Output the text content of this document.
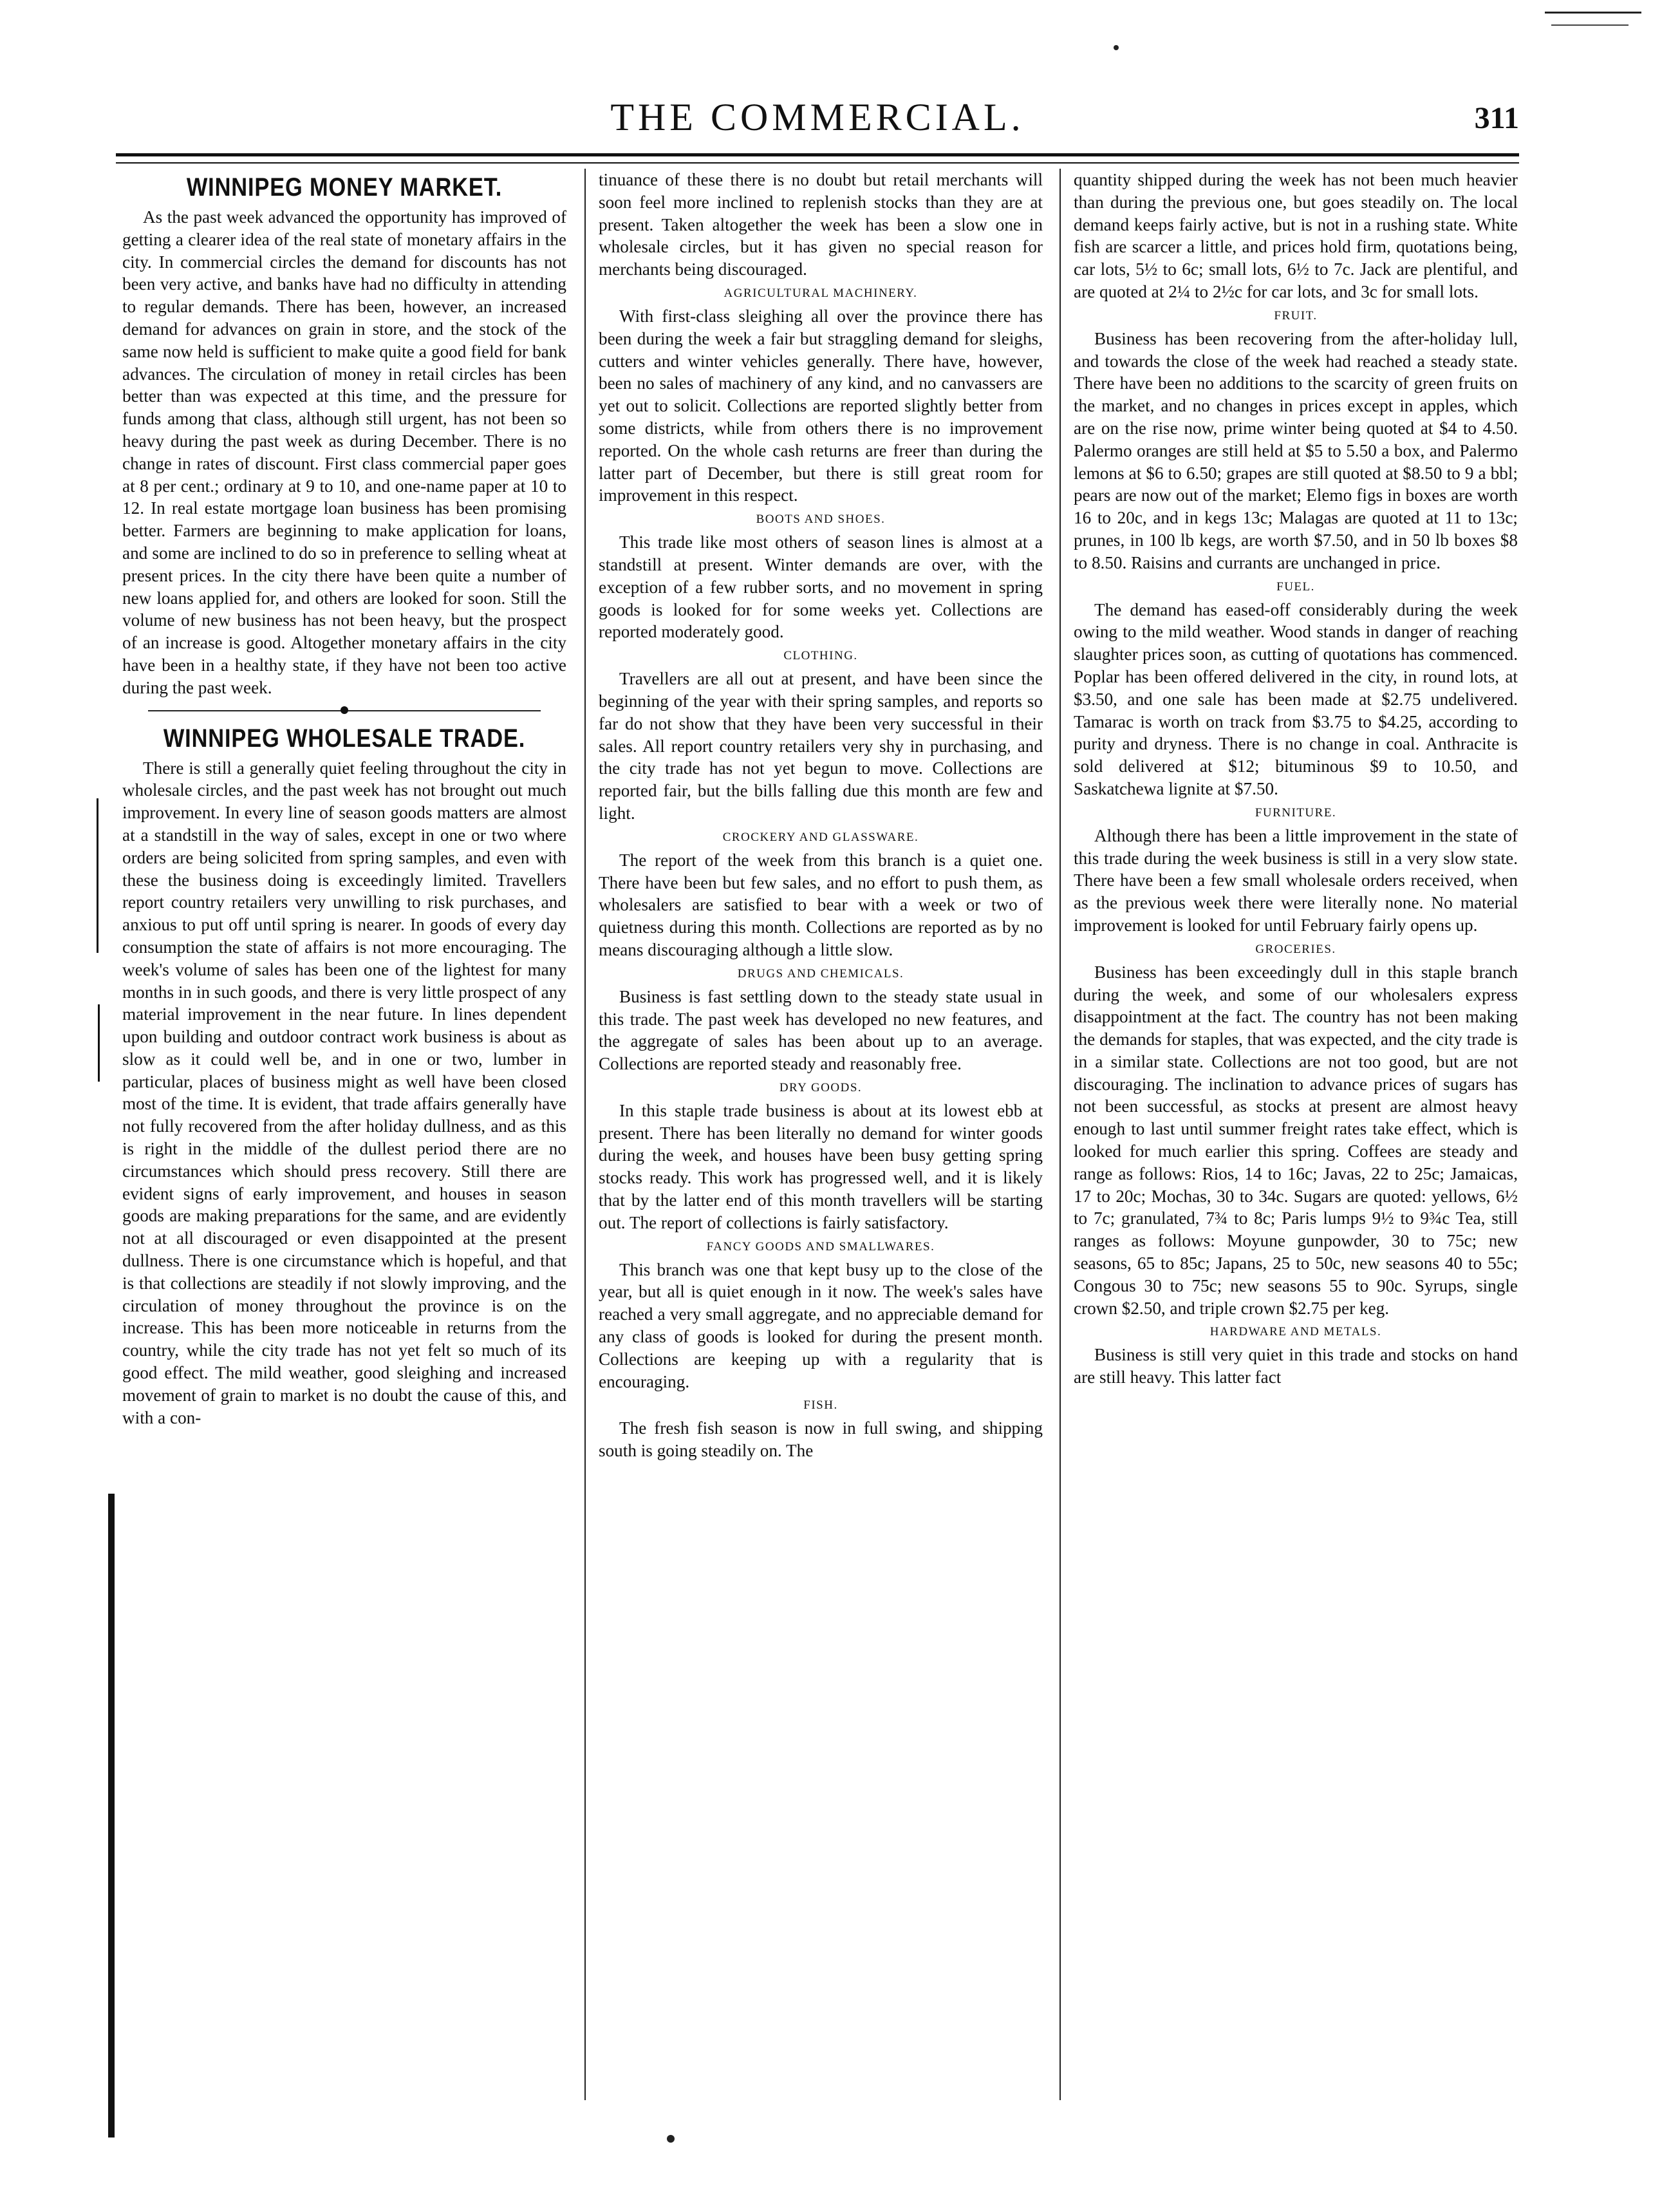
THE COMMERCIAL.	311
WINNIPEG MONEY MARKET.

As the past week advanced the opportunity has improved of getting a clearer idea of the real state of monetary affairs in the city. In commercial circles the demand for discounts has not been very active, and banks have had no difficulty in attending to regular demands. There has been, however, an increased demand for advances on grain in store, and the stock of the same now held is sufficient to make quite a good field for bank advances. The circulation of money in retail circles has been better than was expected at this time, and the pressure for funds among that class, although still urgent, has not been so heavy during the past week as during December. There is no change in rates of discount. First class commercial paper goes at 8 per cent.; ordinary at 9 to 10, and one-name paper at 10 to 12. In real estate mortgage loan business has been promising better. Farmers are beginning to make application for loans, and some are inclined to do so in preference to selling wheat at present prices. In the city there have been quite a number of new loans applied for, and others are looked for soon. Still the volume of new business has not been heavy, but the prospect of an increase is good. Altogether monetary affairs in the city have been in a healthy state, if they have not been too active during the past week.

WINNIPEG WHOLESALE TRADE.

There is still a generally quiet feeling throughout the city in wholesale circles, and the past week has not brought out much improvement. In every line of season goods matters are almost at a standstill in the way of sales, except in one or two where orders are being solicited from spring samples, and even with these the business doing is exceedingly limited. Travellers report country retailers very unwilling to risk purchases, and anxious to put off until spring is nearer. In goods of every day consumption the state of affairs is not more encouraging. The week's volume of sales has been one of the lightest for many months in in such goods, and there is very little prospect of any material improvement in the near future. In lines dependent upon building and outdoor contract work business is about as slow as it could well be, and in one or two, lumber in particular, places of business might as well have been closed most of the time. It is evident, that trade affairs generally have not fully recovered from the after holiday dullness, and as this is right in the middle of the dullest period there are no circumstances which should press recovery. Still there are evident signs of early improvement, and houses in season goods are making preparations for the same, and are evidently not at all discouraged or even disappointed at the present dullness. There is one circumstance which is hopeful, and that is that collections are steadily if not slowly improving, and the circulation of money throughout the province is on the increase. This has been more noticeable in returns from the country, while the city trade has not yet felt so much of its good effect. The mild weather, good sleighing and increased movement of grain to market is no doubt the cause of this, and with a con-

tinuance of these there is no doubt but retail merchants will soon feel more inclined to replenish stocks than they are at present. Taken altogether the week has been a slow one in wholesale circles, but it has given no special reason for merchants being discouraged.

AGRICULTURAL MACHINERY.

With first-class sleighing all over the province there has been during the week a fair but straggling demand for sleighs, cutters and winter vehicles generally. There have, however, been no sales of machinery of any kind, and no canvassers are yet out to solicit. Collections are reported slightly better from some districts, while from others there is no improvement reported. On the whole cash returns are freer than during the latter part of December, but there is still great room for improvement in this respect.

BOOTS AND SHOES.

This trade like most others of season lines is almost at a standstill at present. Winter demands are over, with the exception of a few rubber sorts, and no movement in spring goods is looked for for some weeks yet. Collections are reported moderately good.

CLOTHING.

Travellers are all out at present, and have been since the beginning of the year with their spring samples, and reports so far do not show that they have been very successful in their sales. All report country retailers very shy in purchasing, and the city trade has not yet begun to move. Collections are reported fair, but the bills falling due this month are few and light.

CROCKERY AND GLASSWARE.

The report of the week from this branch is a quiet one. There have been but few sales, and no effort to push them, as wholesalers are satisfied to bear with a week or two of quietness during this month. Collections are reported as by no means discouraging although a little slow.

DRUGS AND CHEMICALS.

Business is fast settling down to the steady state usual in this trade. The past week has developed no new features, and the aggregate of sales has been about up to an average. Collections are reported steady and reasonably free.

DRY GOODS.

In this staple trade business is about at its lowest ebb at present. There has been literally no demand for winter goods during the week, and houses have been busy getting spring stocks ready. This work has progressed well, and it is likely that by the latter end of this month travellers will be starting out. The report of collections is fairly satisfactory.

FANCY GOODS AND SMALLWARES.

This branch was one that kept busy up to the close of the year, but all is quiet enough in it now. The week's sales have reached a very small aggregate, and no appreciable demand for any class of goods is looked for during the present month. Collections are keeping up with a regularity that is encouraging.

FISH.

The fresh fish season is now in full swing, and shipping south is going steadily on. The

quantity shipped during the week has not been much heavier than during the previous one, but goes steadily on. The local demand keeps fairly active, but is not in a rushing state. White fish are scarcer a little, and prices hold firm, quotations being, car lots, 5½ to 6c; small lots, 6½ to 7c. Jack are plentiful, and are quoted at 2¼ to 2½c for car lots, and 3c for small lots.

FRUIT.

Business has been recovering from the after-holiday lull, and towards the close of the week had reached a steady state. There have been no additions to the scarcity of green fruits on the market, and no changes in prices except in apples, which are on the rise now, prime winter being quoted at $4 to 4.50. Palermo oranges are still held at $5 to 5.50 a box, and Palermo lemons at $6 to 6.50; grapes are still quoted at $8.50 to 9 a bbl; pears are now out of the market; Elemo figs in boxes are worth 16 to 20c, and in kegs 13c; Malagas are quoted at 11 to 13c; prunes, in 100 lb kegs, are worth $7.50, and in 50 lb boxes $8 to 8.50. Raisins and currants are unchanged in price.

FUEL.

The demand has eased-off considerably during the week owing to the mild weather. Wood stands in danger of reaching slaughter prices soon, as cutting of quotations has commenced. Poplar has been offered delivered in the city, in round lots, at $3.50, and one sale has been made at $2.75 undelivered. Tamarac is worth on track from $3.75 to $4.25, according to purity and dryness. There is no change in coal. Anthracite is sold delivered at $12; bituminous $9 to 10.50, and Saskatchewa lignite at $7.50.

FURNITURE.

Although there has been a little improvement in the state of this trade during the week business is still in a very slow state. There have been a few small wholesale orders received, when as the previous week there were literally none. No material improvement is looked for until February fairly opens up.

GROCERIES.

Business has been exceedingly dull in this staple branch during the week, and some of our wholesalers express disappointment at the fact. The country has not been making the demands for staples, that was expected, and the city trade is in a similar state. Collections are not too good, but are not discouraging. The inclination to advance prices of sugars has not been successful, as stocks at present are almost heavy enough to last until summer freight rates take effect, which is looked for much earlier this spring. Coffees are steady and range as follows: Rios, 14 to 16c; Javas, 22 to 25c; Jamaicas, 17 to 20c; Mochas, 30 to 34c. Sugars are quoted: yellows, 6½ to 7c; granulated, 7¾ to 8c; Paris lumps 9½ to 9¾c Tea, still ranges as follows: Moyune gunpowder, 30 to 75c; new seasons, 65 to 85c; Japans, 25 to 50c, new seasons 40 to 55c; Congous 30 to 75c; new seasons 55 to 90c. Syrups, single crown $2.50, and triple crown $2.75 per keg.

HARDWARE AND METALS.

Business is still very quiet in this trade and stocks on hand are still heavy. This latter fact
